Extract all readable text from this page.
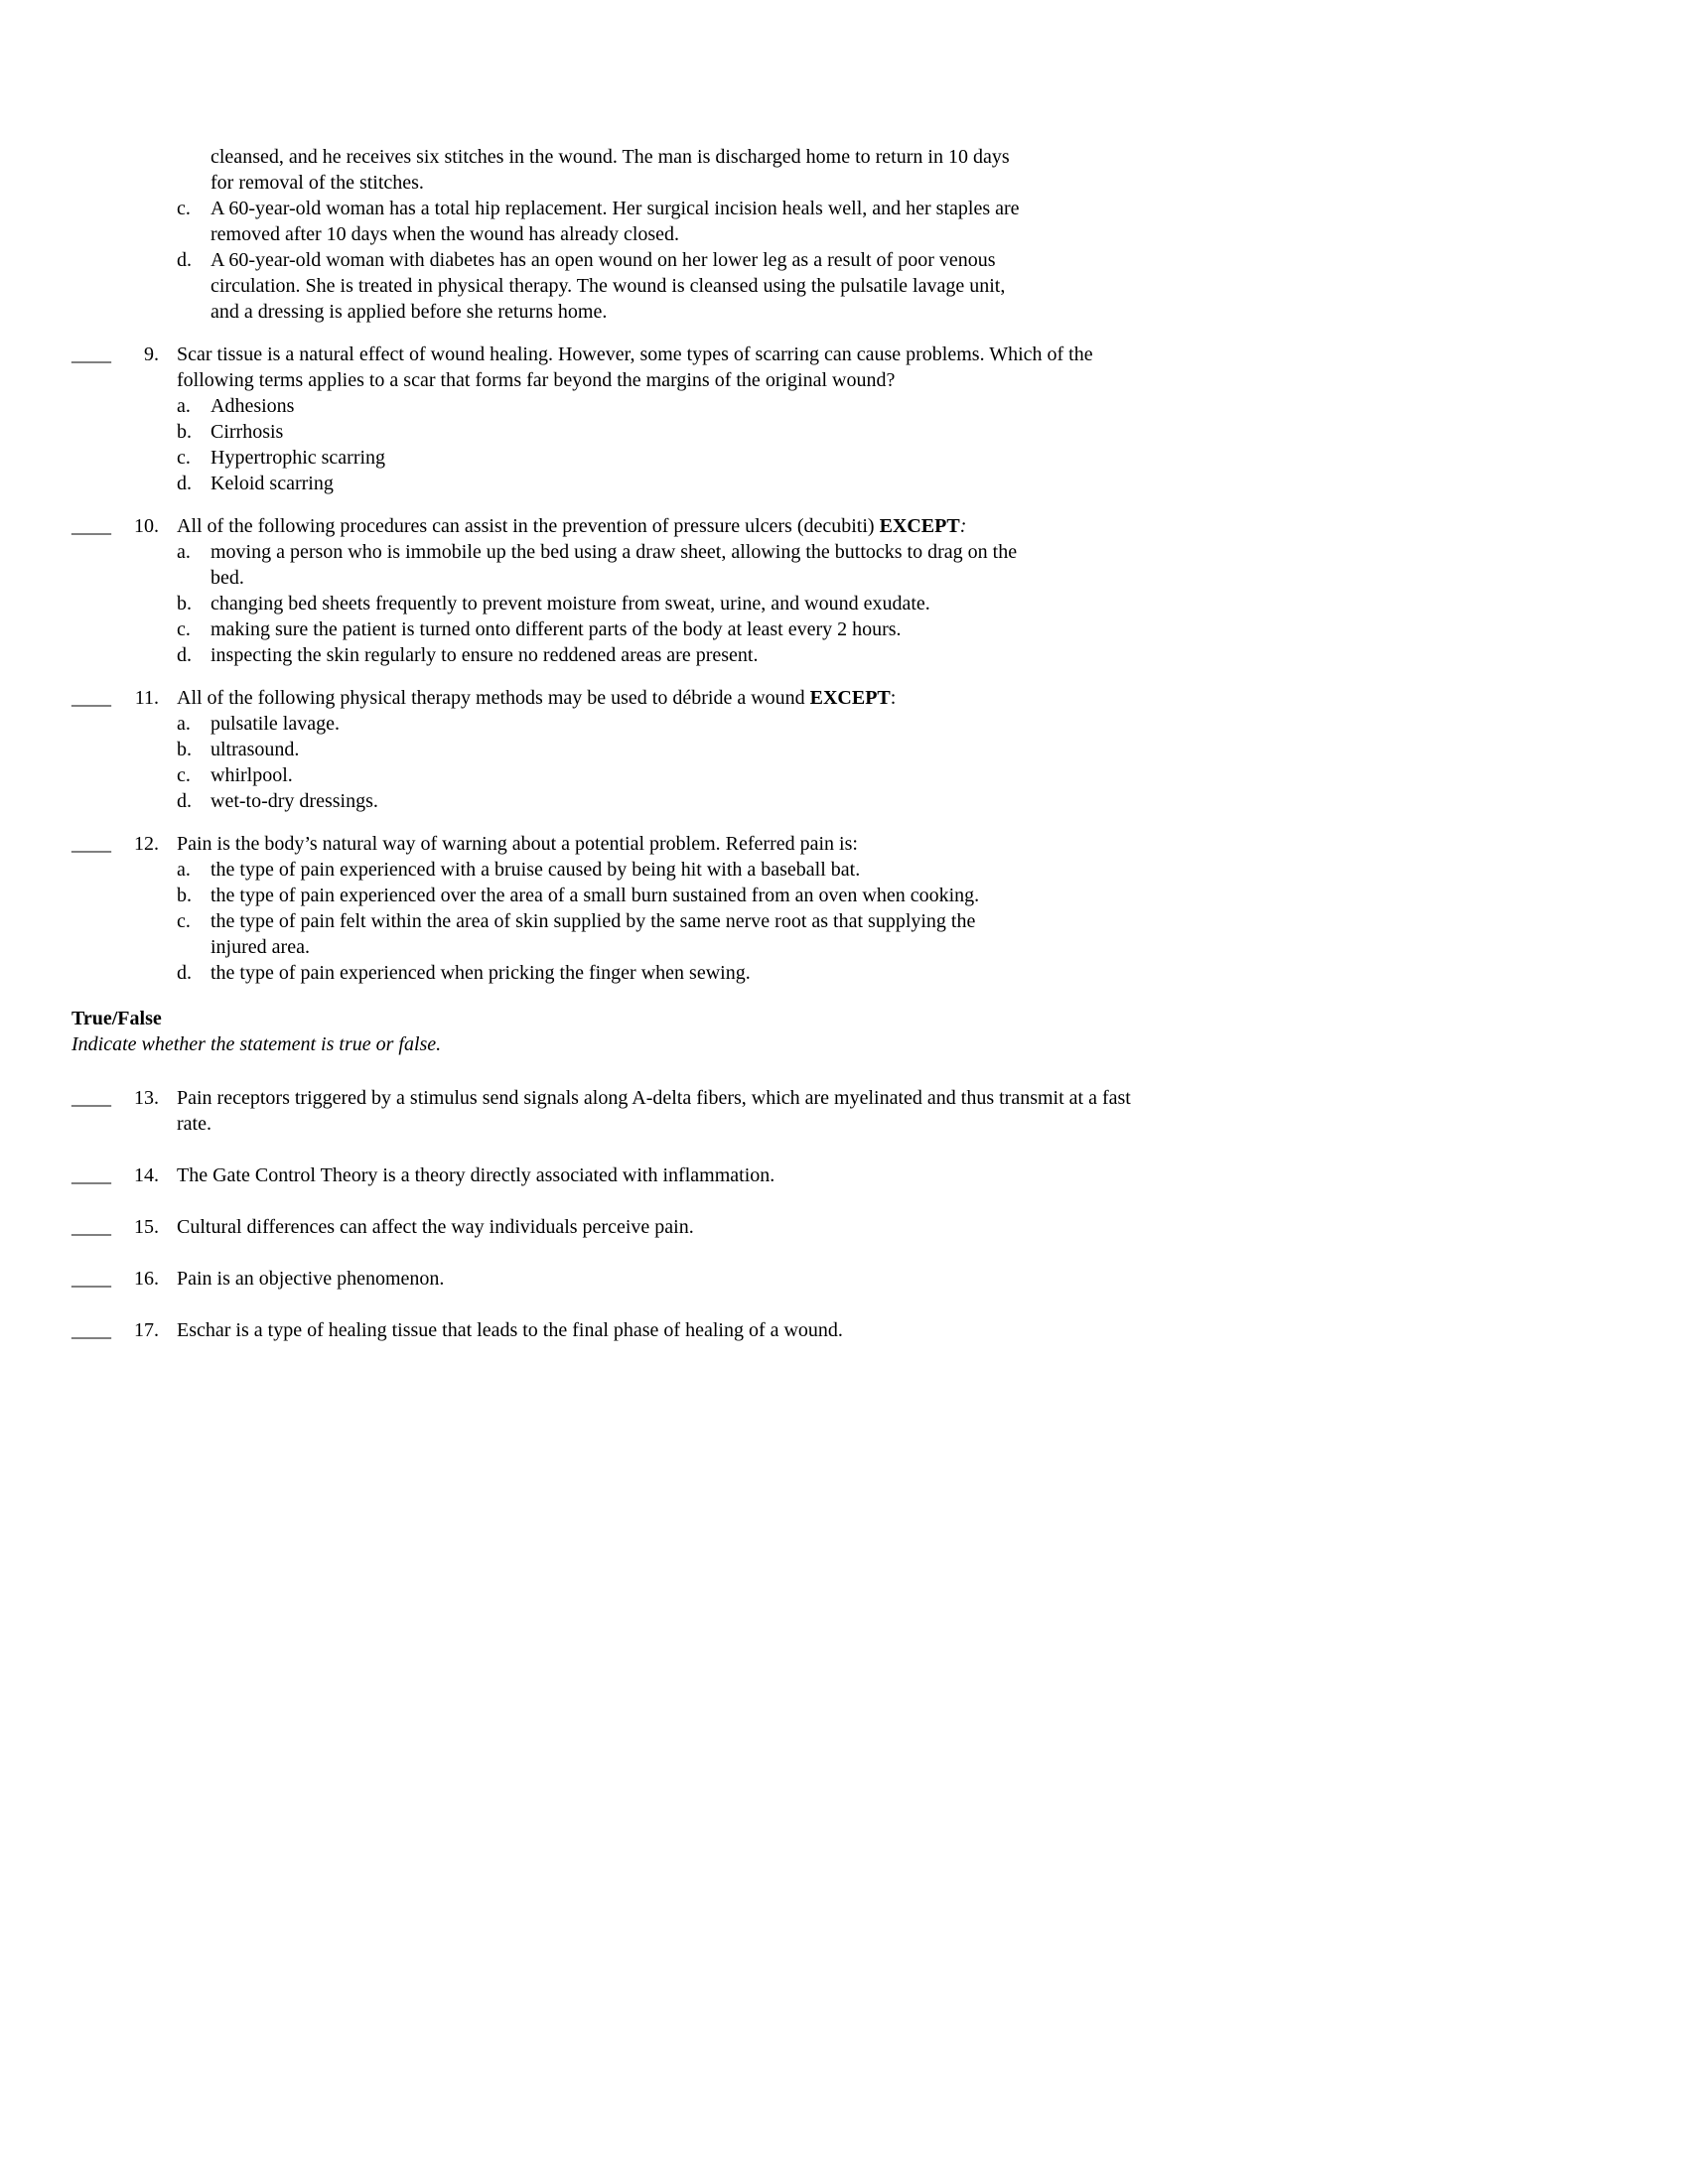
cleansed, and he receives six stitches in the wound. The man is discharged home to return in 10 days for removal of the stitches.
c.	A 60-year-old woman has a total hip replacement. Her surgical incision heals well, and her staples are removed after 10 days when the wound has already closed.
d. A 60-year-old woman with diabetes has an open wound on her lower leg as a result of poor venous circulation. She is treated in physical therapy. The wound is cleansed using the pulsatile lavage unit, and a dressing is applied before she returns home.
____	9. Scar tissue is a natural effect of wound healing. However, some types of scarring can cause problems. Which of the following terms applies to a scar that forms far beyond the margins of the original wound?
a.	Adhesions
b. Cirrhosis
c.	Hypertrophic scarring
d. Keloid scarring
____	10. All of the following procedures can assist in the prevention of pressure ulcers (decubiti) EXCEPT:
a.	moving a person who is immobile up the bed using a draw sheet, allowing the buttocks to drag on the bed.
b. changing bed sheets frequently to prevent moisture from sweat, urine, and wound exudate.
c.	making sure the patient is turned onto different parts of the body at least every 2 hours.
d. inspecting the skin regularly to ensure no reddened areas are present.
____	11. All of the following physical therapy methods may be used to débride a wound EXCEPT:
a.	pulsatile lavage.
b. ultrasound.
c.	whirlpool.
d. wet-to-dry dressings.
____	12. Pain is the body’s natural way of warning about a potential problem. Referred pain is:
a.	the type of pain experienced with a bruise caused by being hit with a baseball bat.
b. the type of pain experienced over the area of a small burn sustained from an oven when cooking.
c.	the type of pain felt within the area of skin supplied by the same nerve root as that supplying the injured area.
d. the type of pain experienced when pricking the finger when sewing.
True/False
Indicate whether the statement is true or false.
____	13. Pain receptors triggered by a stimulus send signals along A-delta fibers, which are myelinated and thus transmit at a fast rate.
____	14. The Gate Control Theory is a theory directly associated with inflammation.
____	15. Cultural differences can affect the way individuals perceive pain.
____	16. Pain is an objective phenomenon.
____	17. Eschar is a type of healing tissue that leads to the final phase of healing of a wound.
